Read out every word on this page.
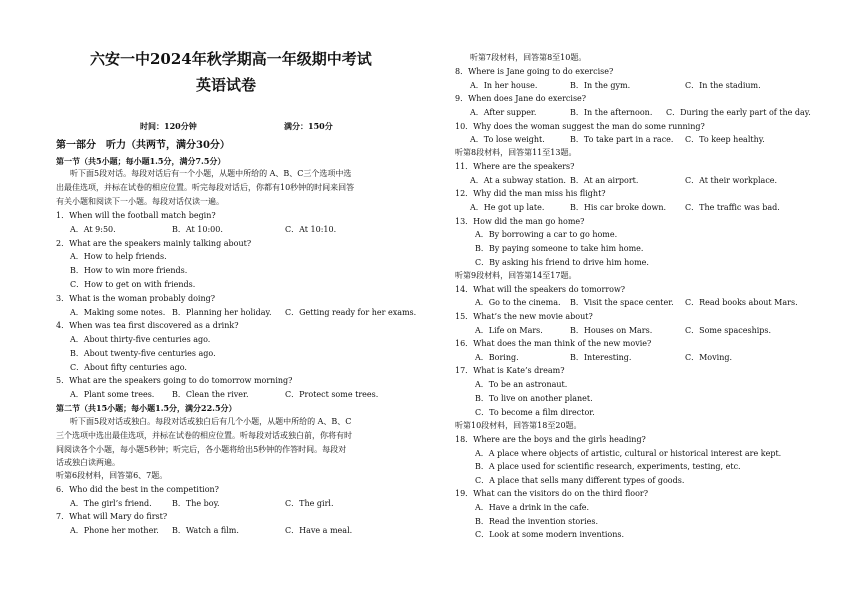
六安一中2024年秋学期高一年级期中考试
英语试卷
时间：120分钟	满分：150分
第一部分　听力（共两节，满分30分）
第一节（共5小题；每小题1.5分，满分7.5分）
听下面5段对话。每段对话后有一个小题，从题中所给的 A、B、C三个选项中选
出最佳选项，并标在试卷的相应位置。听完每段对话后，你都有10秒钟的时间来回答
有关小题和阅读下一小题。每段对话仅读一遍。
1．When will the football match begin?
A．At 9:50.	B．At 10:00.	C．At 10:10.
2．What are the speakers mainly talking about?
A．How to help friends.
B．How to win more friends.
C．How to get on with friends.
3．What is the woman probably doing?
A．Making some notes. B．Planning her holiday. C．Getting ready for her exams.
4．When was tea first discovered as a drink?
A．About thirty-five centuries ago.
B．About twenty-five centuries ago.
C．About fifty centuries ago.
5．What are the speakers going to do tomorrow morning?
A．Plant some trees. B．Clean the river.	C．Protect some trees.
第二节（共15小题；每小题1.5分，满分22.5分）
听下面5段对话或独白。每段对话或独白后有几个小题，从题中所给的 A、B、C
三个选项中选出最佳选项，并标在试卷的相应位置。听每段对话或独白前，你将有时
间阅读各个小题，每小题5秒钟；听完后，各小题将给出5秒钟的作答时间。每段对
话或独白读两遍。
听第6段材料，回答第6、7题。
6．Who did the best in the competition?
A．The girl’s friend.	B．The boy.	C．The girl.
7．What will Mary do first?
A．Phone her mother. B．Watch a film.	C．Have a meal.
听第7段材料，回答第8至10题。
8．Where is Jane going to do exercise?
A．In her house.	B．In the gym.	C．In the stadium.
9．When does Jane do exercise?
A．After supper.	B．In the afternoon. C．During the early part of the day.
10．Why does the woman suggest the man do some running?
A．To lose weight.	B．To take part in a race. C．To keep healthy.
听第8段材料，回答第11至13题。
11．Where are the speakers?
A．At a subway station. B．At an airport.	C．At their workplace.
12．Why did the man miss his flight?
A．He got up late.	B．His car broke down. C．The traffic was bad.
13．How did the man go home?
A．By borrowing a car to go home.
B．By paying someone to take him home.
C．By asking his friend to drive him home.
听第9段材料，回答第14至17题。
14．What will the speakers do tomorrow?
A．Go to the cinema. B．Visit the space center. C．Read books about Mars.
15．What’s the new movie about?
A．Life on Mars.	B．Houses on Mars.	C．Some spaceships.
16．What does the man think of the new movie?
A．Boring.	B．Interesting.	C．Moving.
17．What is Kate’s dream?
A．To be an astronaut.
B．To live on another planet.
C．To become a film director.
听第10段材料，回答第18至20题。
18．Where are the boys and the girls heading?
A．A place where objects of artistic, cultural or historical interest are kept.
B．A place used for scientific research, experiments, testing, etc.
C．A place that sells many different types of goods.
19．What can the visitors do on the third floor?
A．Have a drink in the cafe.
B．Read the invention stories.
C．Look at some modern inventions.
